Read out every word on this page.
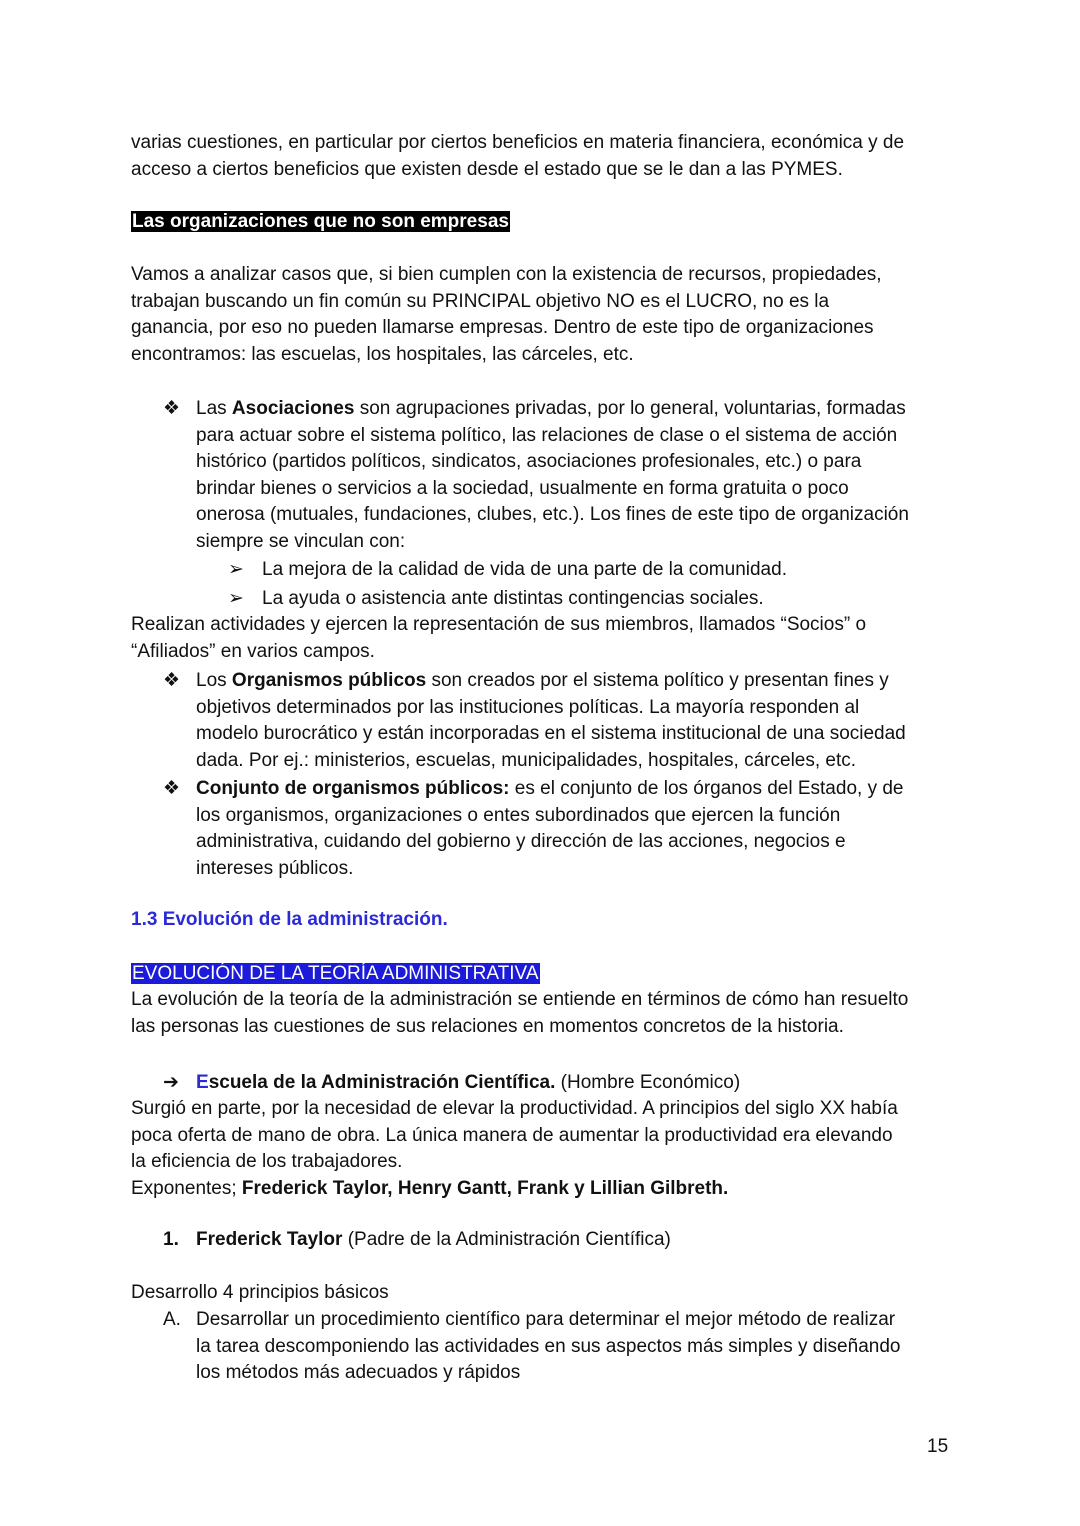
varias cuestiones, en particular por ciertos beneficios en materia financiera, económica y de
acceso a ciertos beneficios que existen desde el estado que se le dan a las PYMES.

Las organizaciones que no son empresas

Vamos a analizar casos que, si bien cumplen con la existencia de recursos, propiedades,
trabajan buscando un fin común su PRINCIPAL objetivo NO es el LUCRO, no es la
ganancia, por eso no pueden llamarse empresas. Dentro de este tipo de organizaciones
encontramos: las escuelas, los hospitales, las cárceles, etc.

❖ Las Asociaciones son agrupaciones privadas, por lo general, voluntarias, formadas
para actuar sobre el sistema político, las relaciones de clase o el sistema de acción
histórico (partidos políticos, sindicatos, asociaciones profesionales, etc.) o para
brindar bienes o servicios a la sociedad, usualmente en forma gratuita o poco
onerosa (mutuales, fundaciones, clubes, etc.). Los fines de este tipo de organización
siempre se vinculan con:

➢ La mejora de la calidad de vida de una parte de la comunidad.
➢ La ayuda o asistencia ante distintas contingencias sociales.

Realizan actividades y ejercen la representación de sus miembros, llamados “Socios” o
“Afiliados” en varios campos.

❖ Los Organismos públicos son creados por el sistema político y presentan fines y
objetivos determinados por las instituciones políticas. La mayoría responden al
modelo burocrático y están incorporadas en el sistema institucional de una sociedad
dada. Por ej.: ministerios, escuelas, municipalidades, hospitales, cárceles, etc.

❖ Conjunto de organismos públicos: es el conjunto de los órganos del Estado, y de
los organismos, organizaciones o entes subordinados que ejercen la función
administrativa, cuidando del gobierno y dirección de las acciones, negocios e
intereses públicos.

1.3 Evolución de la administración.

EVOLUCIÓN DE LA TEORÍA ADMINISTRATIVA

La evolución de la teoría de la administración se entiende en términos de cómo han resuelto
las personas las cuestiones de sus relaciones en momentos concretos de la historia.

➔ Escuela de la Administración Científica. (Hombre Económico)

Surgió en parte, por la necesidad de elevar la productividad. A principios del siglo XX había
poca oferta de mano de obra. La única manera de aumentar la productividad era elevando
la eficiencia de los trabajadores.
Exponentes; Frederick Taylor, Henry Gantt, Frank y Lillian Gilbreth.

1. Frederick Taylor (Padre de la Administración Científica)

Desarrollo 4 principios básicos

A. Desarrollar un procedimiento científico para determinar el mejor método de realizar
la tarea descomponiendo las actividades en sus aspectos más simples y diseñando
los métodos más adecuados y rápidos

15
